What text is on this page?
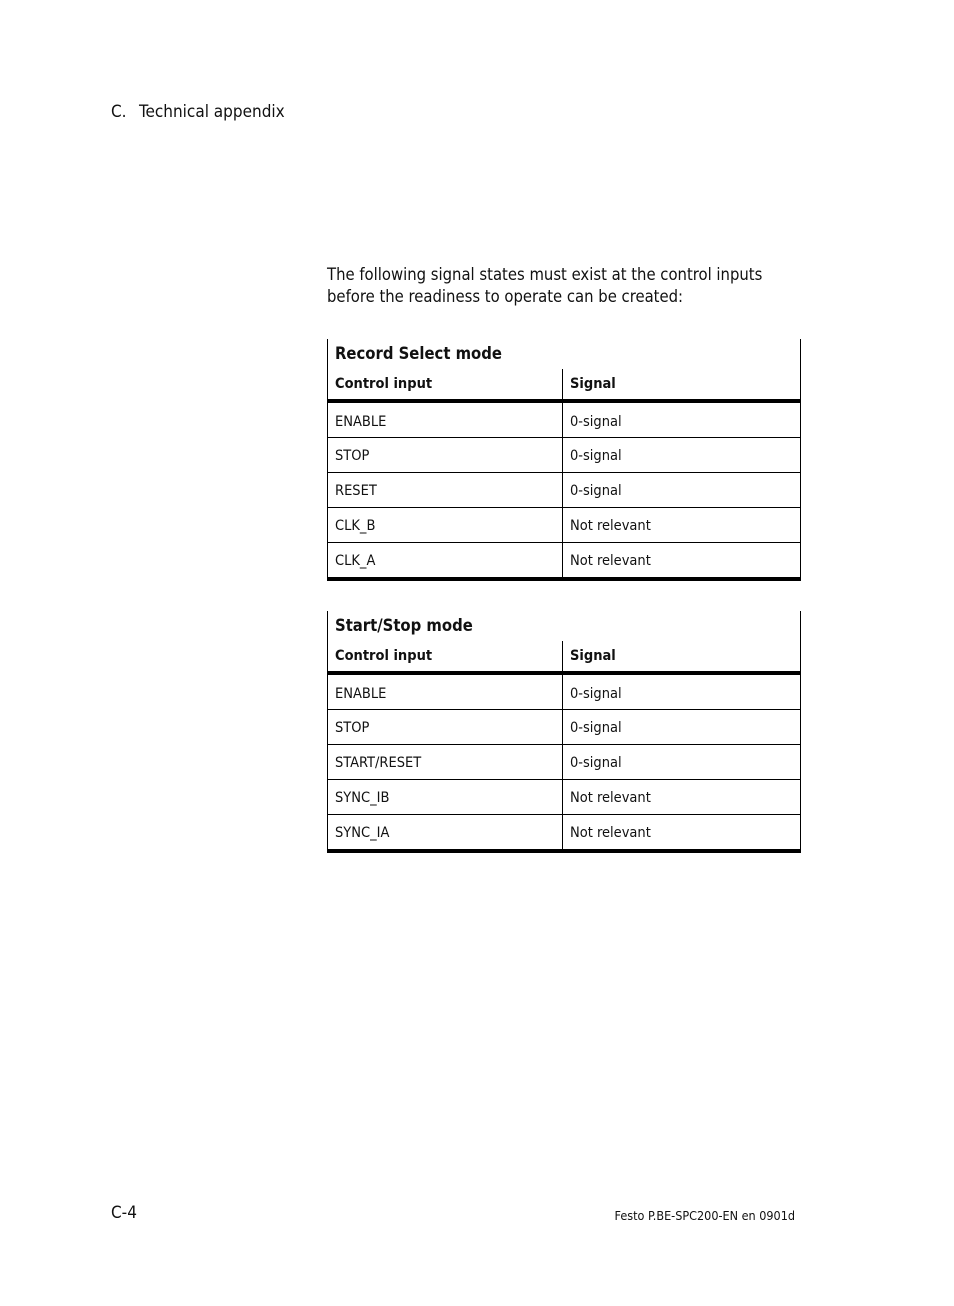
C. Technical appendix
The following signal states must exist at the control inputs before the readiness to operate can be created:
Record Select mode
Control input	Signal
ENABLE	0-signal
STOP	0-signal
RESET	0-signal
CLK_B	Not relevant
CLK_A	Not relevant
Start/Stop mode
Control input	Signal
ENABLE	0-signal
STOP	0-signal
START/RESET	0-signal
SYNC_IB	Not relevant
SYNC_IA	Not relevant
C-4	Festo P.BE-SPC200-EN en 0901d
